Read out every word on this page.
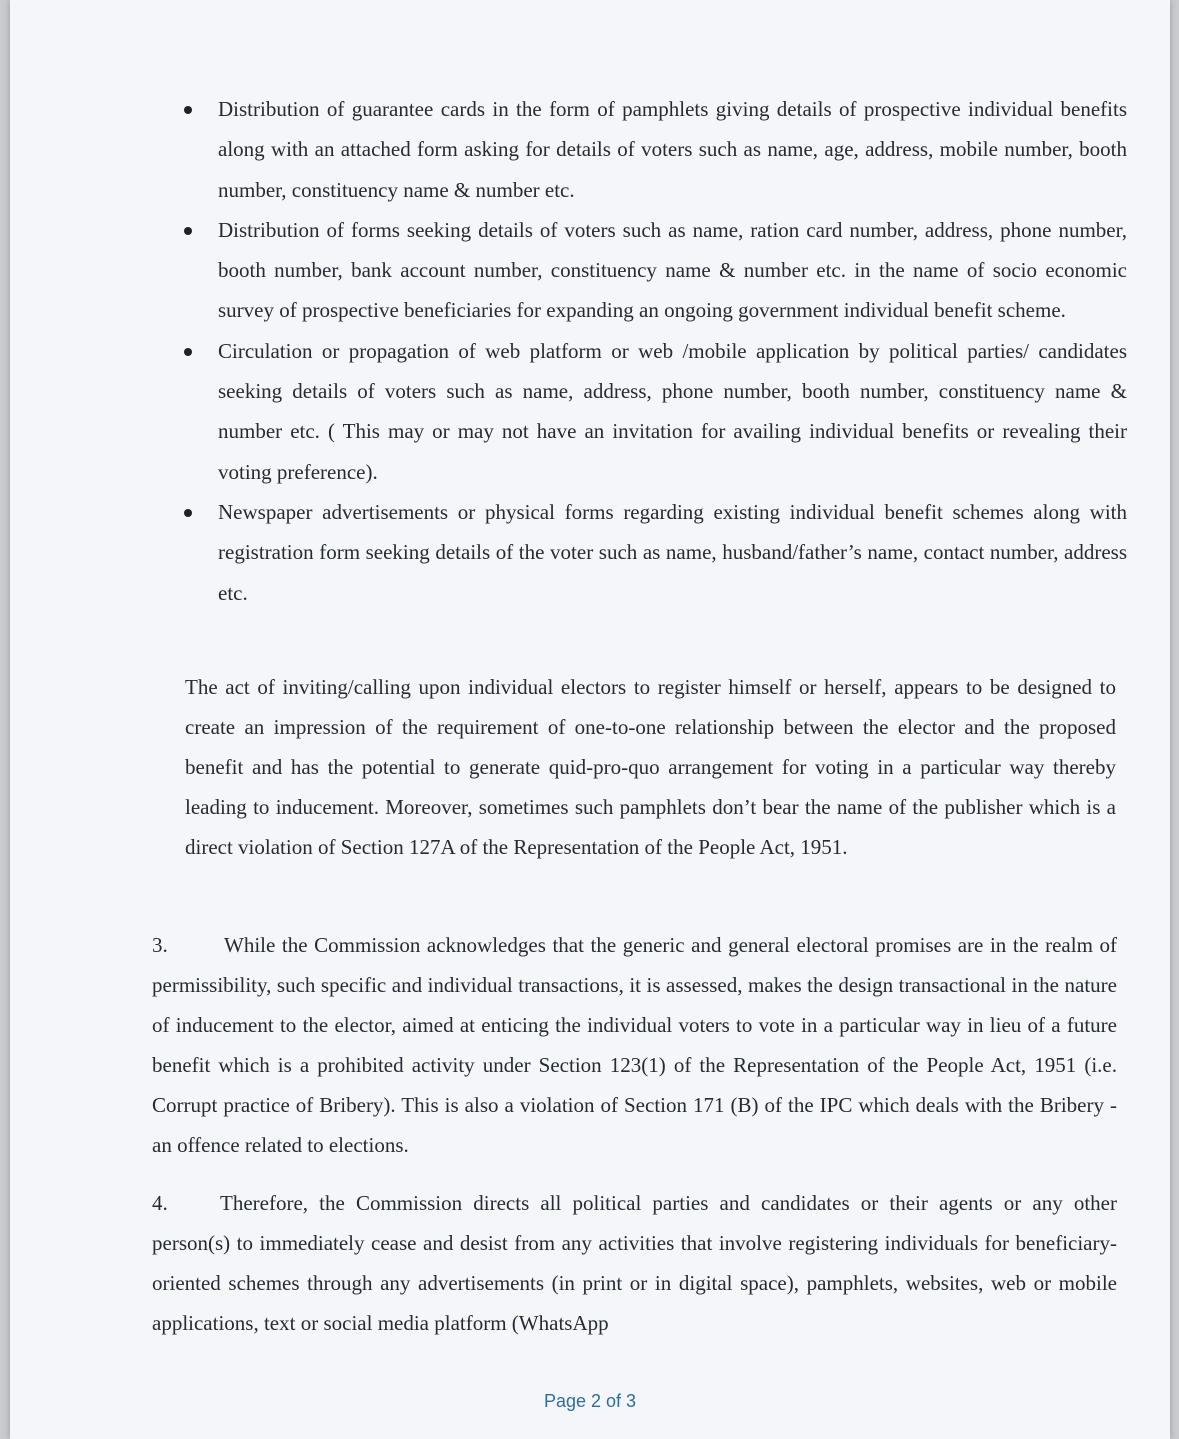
Distribution of guarantee cards in the form of pamphlets giving details of prospective individual benefits along with an attached form asking for details of voters such as name, age, address, mobile number, booth number, constituency name & number etc.
Distribution of forms seeking details of voters such as name, ration card number, address, phone number, booth number, bank account number, constituency name & number etc. in the name of socio economic survey of prospective beneficiaries for expanding an ongoing government individual benefit scheme.
Circulation or propagation of web platform or web /mobile application by political parties/ candidates seeking details of voters such as name, address, phone number, booth number, constituency name & number etc. ( This may or may not have an invitation for availing individual benefits or revealing their voting preference).
Newspaper advertisements or physical forms regarding existing individual benefit schemes along with registration form seeking details of the voter such as name, husband/father’s name, contact number, address etc.

The act of inviting/calling upon individual electors to register himself or herself, appears to be designed to create an impression of the requirement of one-to-one relationship between the elector and the proposed benefit and has the potential to generate quid-pro-quo arrangement for voting in a particular way thereby leading to inducement. Moreover, sometimes such pamphlets don’t bear the name of the publisher which is a direct violation of Section 127A of the Representation of the People Act, 1951.

3.	While the Commission acknowledges that the generic and general electoral promises are in the realm of permissibility, such specific and individual transactions, it is assessed, makes the design transactional in the nature of inducement to the elector, aimed at enticing the individual voters to vote in a particular way in lieu of a future benefit which is a prohibited activity under Section 123(1) of the Representation of the People Act, 1951 (i.e. Corrupt practice of Bribery). This is also a violation of Section 171 (B) of the IPC which deals with the Bribery -an offence related to elections.

4. Therefore, the Commission directs all political parties and candidates or their agents or any other person(s) to immediately cease and desist from any activities that involve registering individuals for beneficiary-oriented schemes through any advertisements (in print or in digital space), pamphlets, websites, web or mobile applications, text or social media platform (WhatsApp

Page 2 of 3
